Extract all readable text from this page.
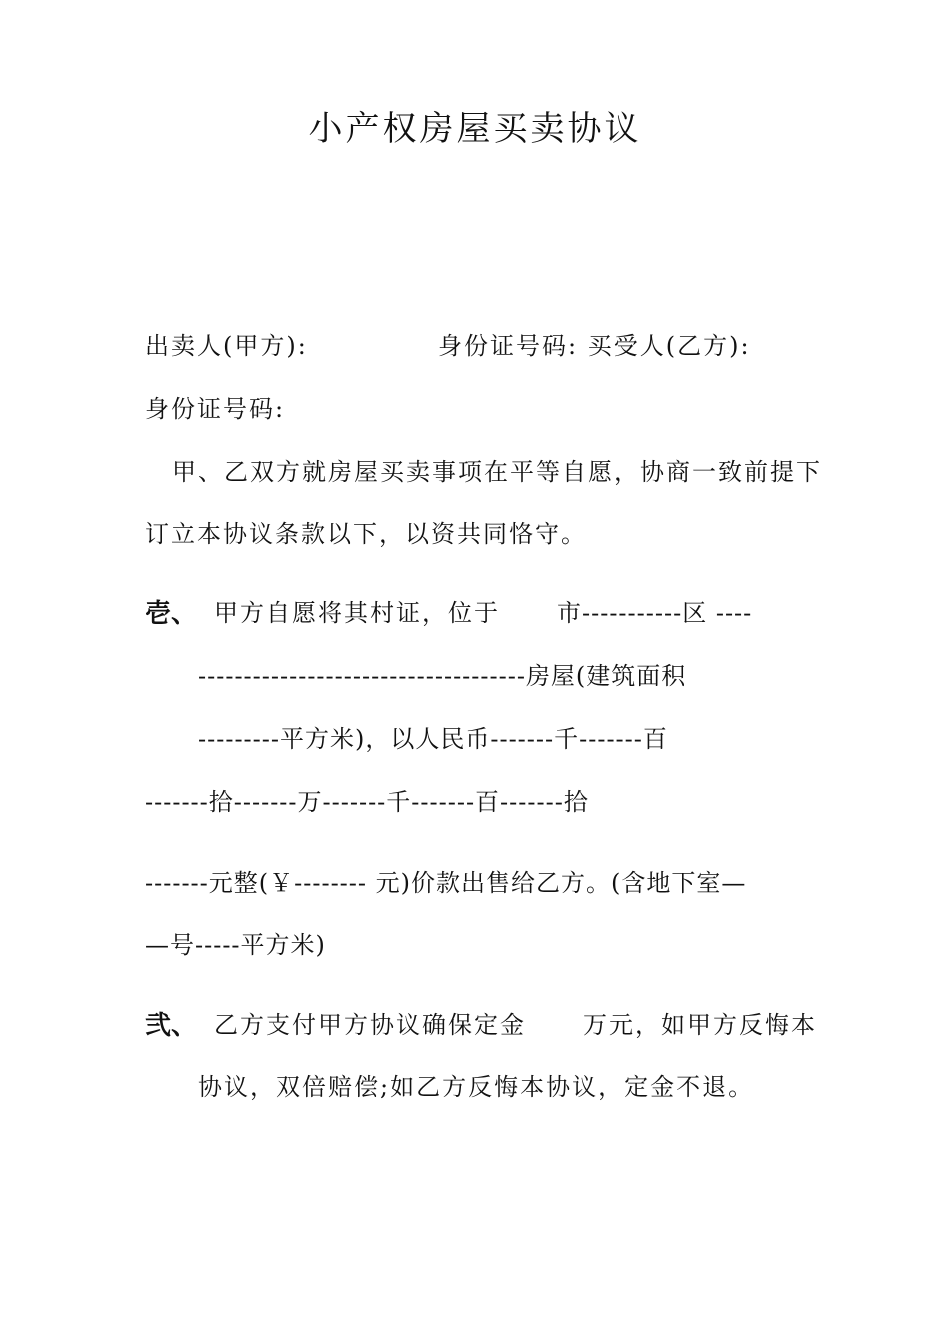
小产权房屋买卖协议
出卖人(甲方):	身份证号码: 买受人(乙方):
身份证号码:
甲、乙双方就房屋买卖事项在平等自愿，协商一致前提下
订立本协议条款以下，以资共同恪守。
壱、 甲方自愿将其村证，位于 市-----------区 ----
------------------------------------房屋(建筑面积
---------平方米)，以人民币-------千-------百
-------拾-------万-------千-------百-------拾
-------元整(￥-------- 元)价款出售给乙方。(含地下室—
—号-----平方米)
弐、 乙方支付甲方协议确保定金 万元，如甲方反悔本
协议，双倍赔偿;如乙方反悔本协议，定金不退。
